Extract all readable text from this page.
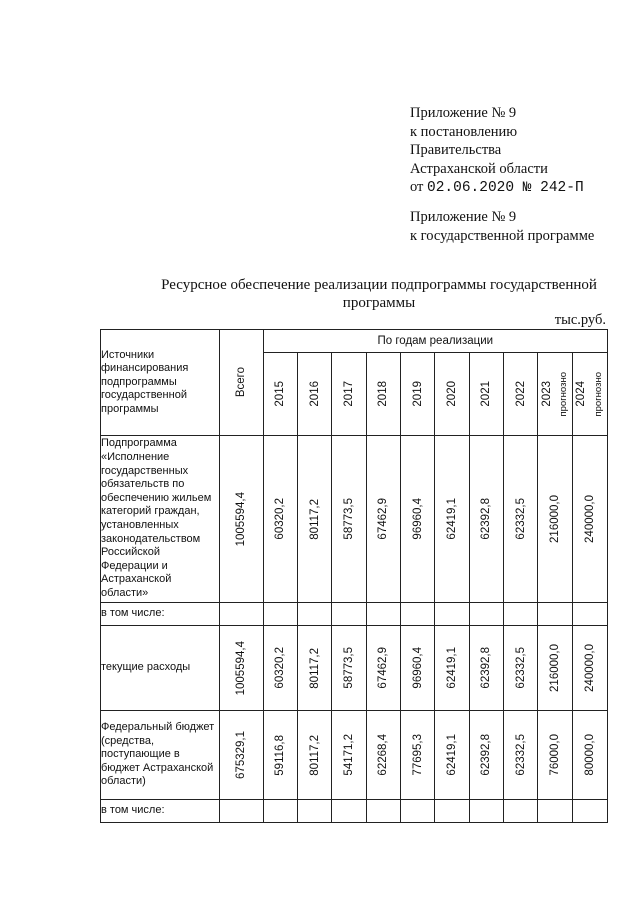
Приложение № 9
к постановлению
Правительства
Астраханской области
от 02.06.2020 № 242-П
Приложение № 9
к государственной программе
Ресурсное обеспечение реализации подпрограммы государственной программы
тыс.руб.
Источники финансирования подпрограммы государственной программы	Всего	По годам реализации									

		2015	2016	2017	2018	2019	2020	2021	2022	2023 прогнозно	2024 прогнозно

Подпрограмма «Исполнение государственных обязательств по обеспечению жильем категорий граждан, установленных законодательством Российской Федерации и Астраханской области»	1005594,4	60320,2	80117,2	58773,5	67462,9	96960,4	62419,1	62392,8	62332,5	216000,0	240000,0

в том числе:	

текущие расходы	1005594,4	60320,2	80117,2	58773,5	67462,9	96960,4	62419,1	62392,8	62332,5	216000,0	240000,0

Федеральный бюджет (средства, поступающие в бюджет Астраханской области)	675329,1	59116,8	80117,2	54171,2	62268,4	77695,3	62419,1	62392,8	62332,5	76000,0	80000,0

в том числе:	
